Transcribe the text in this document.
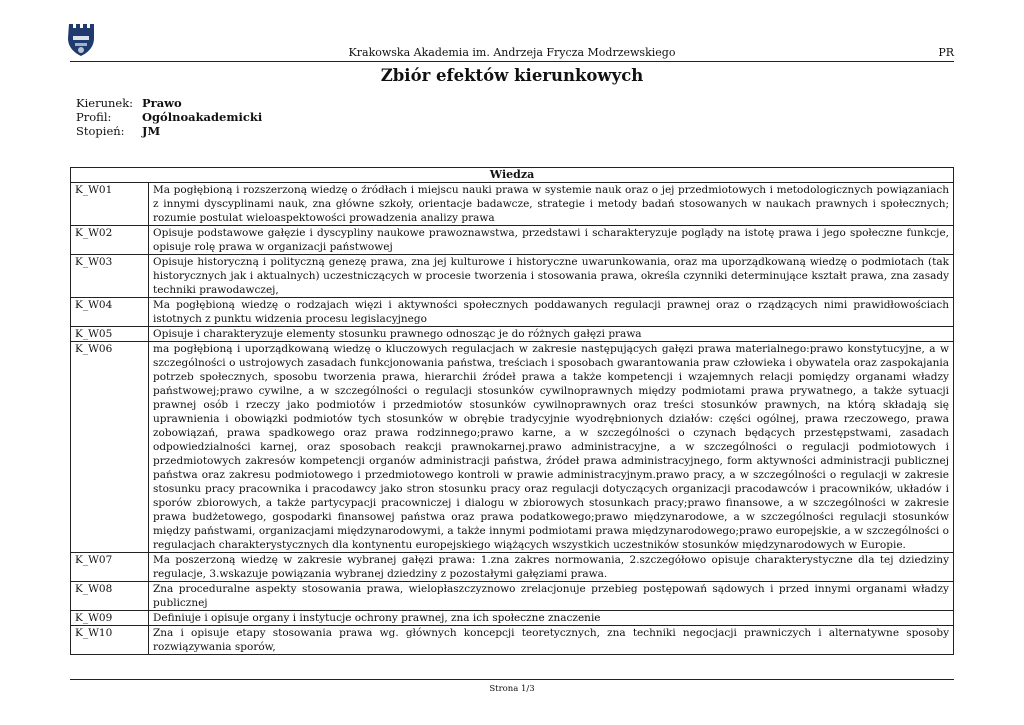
Krakowska Akademia im. Andrzeja Frycza Modrzewskiego	PR
Zbiór efektów kierunkowych
Kierunek: Prawo
Profil:	Ogólnoakademicki
Stopień:	JM
Wiedza	
K_W01	Ma pogłębioną i rozszerzoną wiedzę o źródłach i miejscu nauki prawa w systemie nauk oraz o jej przedmiotowych i metodologicznych powiązaniach z innymi dyscyplinami nauk, zna główne szkoły, orientacje badawcze, strategie i metody badań stosowanych w naukach prawnych i społecznych; rozumie postulat wieloaspektowości prowadzenia analizy prawa
K_W02	Opisuje podstawowe gałęzie i dyscypliny naukowe prawoznawstwa, przedstawi i scharakteryzuje poglądy na istotę prawa i jego społeczne funkcje, opisuje rolę prawa w organizacji państwowej
K_W03	Opisuje historyczną i polityczną genezę prawa, zna jej kulturowe i historyczne uwarunkowania, oraz ma uporządkowaną wiedzę o podmiotach (tak historycznych jak i aktualnych) uczestniczących w procesie tworzenia i stosowania prawa, określa czynniki determinujące kształt prawa, zna zasady techniki prawodawczej,
K_W04	Ma pogłębioną wiedzę o rodzajach więzi i aktywności społecznych poddawanych regulacji prawnej oraz o rządzących nimi prawidłowościach istotnych z punktu widzenia procesu legislacyjnego
K_W05	Opisuje i charakteryzuje elementy stosunku prawnego odnosząc je do różnych gałęzi prawa
K_W06	ma pogłębioną i uporządkowaną wiedzę o kluczowych regulacjach w zakresie następujących gałęzi prawa materialnego:prawo konstytucyjne, a w szczególności o ustrojowych zasadach funkcjonowania państwa, treściach i sposobach gwarantowania praw człowieka i obywatela oraz zaspokajania potrzeb społecznych, sposobu tworzenia prawa, hierarchii źródeł prawa a także kompetencji i wzajemnych relacji pomiędzy organami władzy państwowej;prawo cywilne, a w szczególności o regulacji stosunków cywilnoprawnych między podmiotami prawa prywatnego, a także sytuacji prawnej osób i rzeczy jako podmiotów i przedmiotów stosunków cywilnoprawnych oraz treści stosunków prawnych, na którą składają się uprawnienia i obowiązki podmiotów tych stosunków w obrębie tradycyjnie wyodrębnionych działów: części ogólnej, prawa rzeczowego, prawa zobowiązań, prawa spadkowego oraz prawa rodzinnego;prawo karne, a w szczególności o czynach będących przestępstwami, zasadach odpowiedzialności karnej, oraz sposobach reakcji prawnokarnej.prawo administracyjne, a w szczególności o regulacji podmiotowych i przedmiotowych zakresów kompetencji organów administracji państwa, źródeł prawa administracyjnego, form aktywności administracji publicznej państwa oraz zakresu podmiotowego i przedmiotowego kontroli w prawie administracyjnym.prawo pracy, a w szczególności o regulacji w zakresie stosunku pracy pracownika i pracodawcy jako stron stosunku pracy oraz regulacji dotyczących organizacji pracodawców i pracowników, układów i sporów zbiorowych, a także partycypacji pracowniczej i dialogu w zbiorowych stosunkach pracy;prawo finansowe, a w szczególności w zakresie prawa budżetowego, gospodarki finansowej państwa oraz prawa podatkowego;prawo międzynarodowe, a w szczególności regulacji stosunków między państwami, organizacjami międzynarodowymi, a także innymi podmiotami prawa międzynarodowego;prawo europejskie, a w szczególności o regulacjach charakterystycznych dla kontynentu europejskiego wiążących wszystkich uczestników stosunków międzynarodowych w Europie.
K_W07	Ma poszerzoną wiedzę w zakresie wybranej gałęzi prawa: 1.zna zakres normowania, 2.szczegółowo opisuje charakterystyczne dla tej dziedziny regulacje, 3.wskazuje powiązania wybranej dziedziny z pozostałymi gałęziami prawa.
K_W08	Zna proceduralne aspekty stosowania prawa, wielopłaszczyznowo zrelacjonuje przebieg postępowań sądowych i przed innymi organami władzy publicznej
K_W09	Definiuje i opisuje organy i instytucje ochrony prawnej, zna ich społeczne znaczenie
K_W10	Zna i opisuje etapy stosowania prawa wg. głównych koncepcji teoretycznych, zna techniki negocjacji prawniczych i alternatywne sposoby rozwiązywania sporów,
Strona 1/3
